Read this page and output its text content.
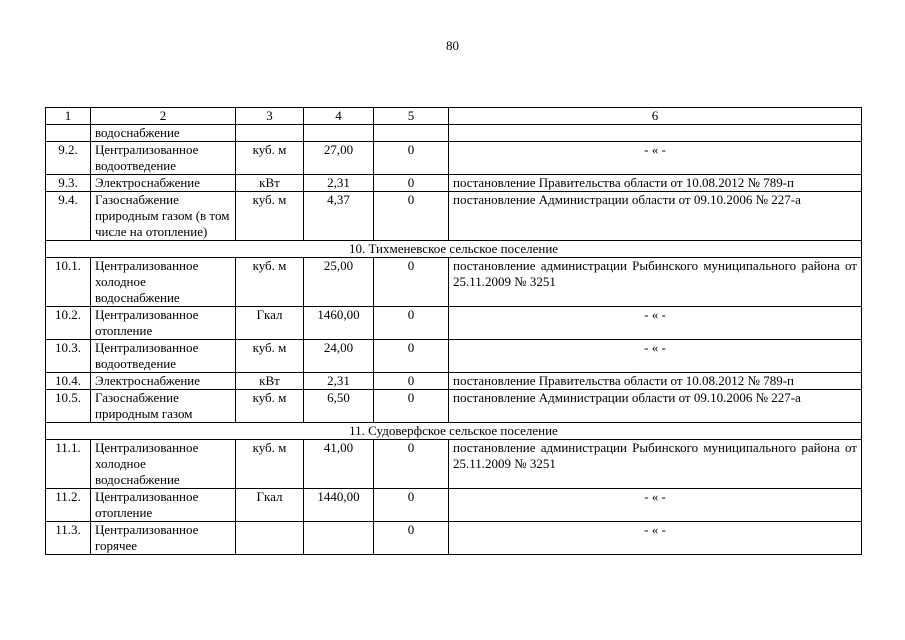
80
1	2	3	4	5	6
	водоснабжение				
9.2.	Централизованное водоотведение	куб. м	27,00	0	- « -
9.3.	Электроснабжение	кВт	2,31	0	постановление Правительства области от 10.08.2012 № 789-п
9.4.	Газоснабжение природным газом (в том числе на отопление)	куб. м	4,37	0	постановление Администрации области от 09.10.2006 № 227-а
10. Тихменевское сельское поселение					
10.1.	Централизованное холодное водоснабжение	куб. м	25,00	0	постановление администрации Рыбинского муниципального района от 25.11.2009 № 3251
10.2.	Централизованное отопление	Гкал	1460,00	0	- « -
10.3.	Централизованное водоотведение	куб. м	24,00	0	- « -
10.4.	Электроснабжение	кВт	2,31	0	постановление Правительства области от 10.08.2012 № 789-п
10.5.	Газоснабжение природным газом	куб. м	6,50	0	постановление Администрации области от 09.10.2006 № 227-а
11. Судоверфское сельское поселение					
11.1.	Централизованное холодное водоснабжение	куб. м	41,00	0	постановление администрации Рыбинского муниципального района от 25.11.2009 № 3251
11.2.	Централизованное отопление	Гкал	1440,00	0	- « -
11.3.	Централизованное горячее			0	- « -
